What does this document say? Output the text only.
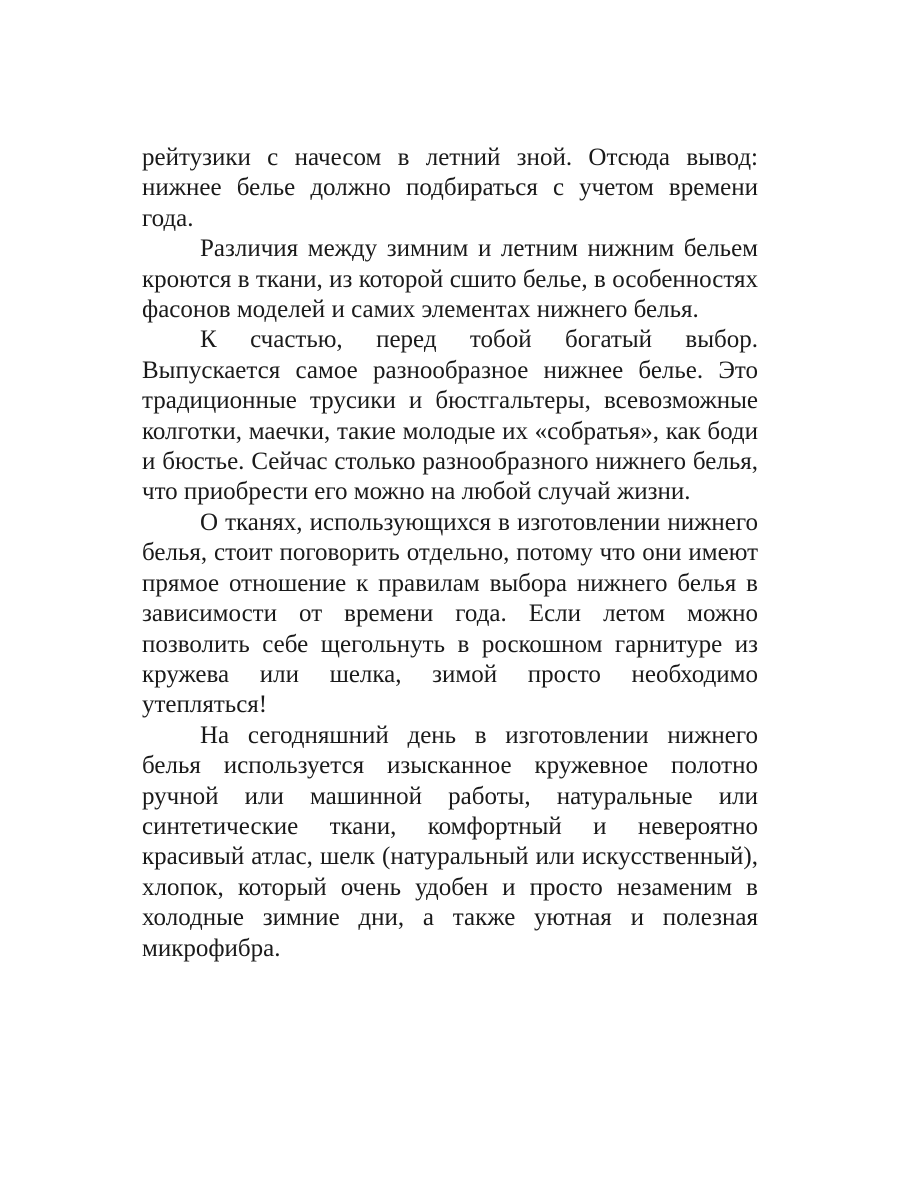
рейтузики с начесом в летний зной. Отсюда вывод: нижнее белье должно подбираться с учетом времени года.

Различия между зимним и летним нижним бельем кроются в ткани, из которой сшито белье, в особенностях фасонов моделей и самих элементах нижнего белья.

К счастью, перед тобой богатый выбор. Выпускается самое разнообразное нижнее белье. Это традиционные трусики и бюстгальтеры, всевозможные колготки, маечки, такие молодые их «собратья», как боди и бюстье. Сейчас столько разнообразного нижнего белья, что приобрести его можно на любой случай жизни.

О тканях, использующихся в изготовлении нижнего белья, стоит поговорить отдельно, потому что они имеют прямое отношение к правилам выбора нижнего белья в зависимости от времени года. Если летом можно позволить себе щегольнуть в роскошном гарнитуре из кружева или шелка, зимой просто необходимо утепляться!

На сегодняшний день в изготовлении нижнего белья используется изысканное кружевное полотно ручной или машинной работы, натуральные или синтетические ткани, комфортный и невероятно красивый атлас, шелк (натуральный или искусственный), хлопок, который очень удобен и просто незаменим в холодные зимние дни, а также уютная и полезная микрофибра.
